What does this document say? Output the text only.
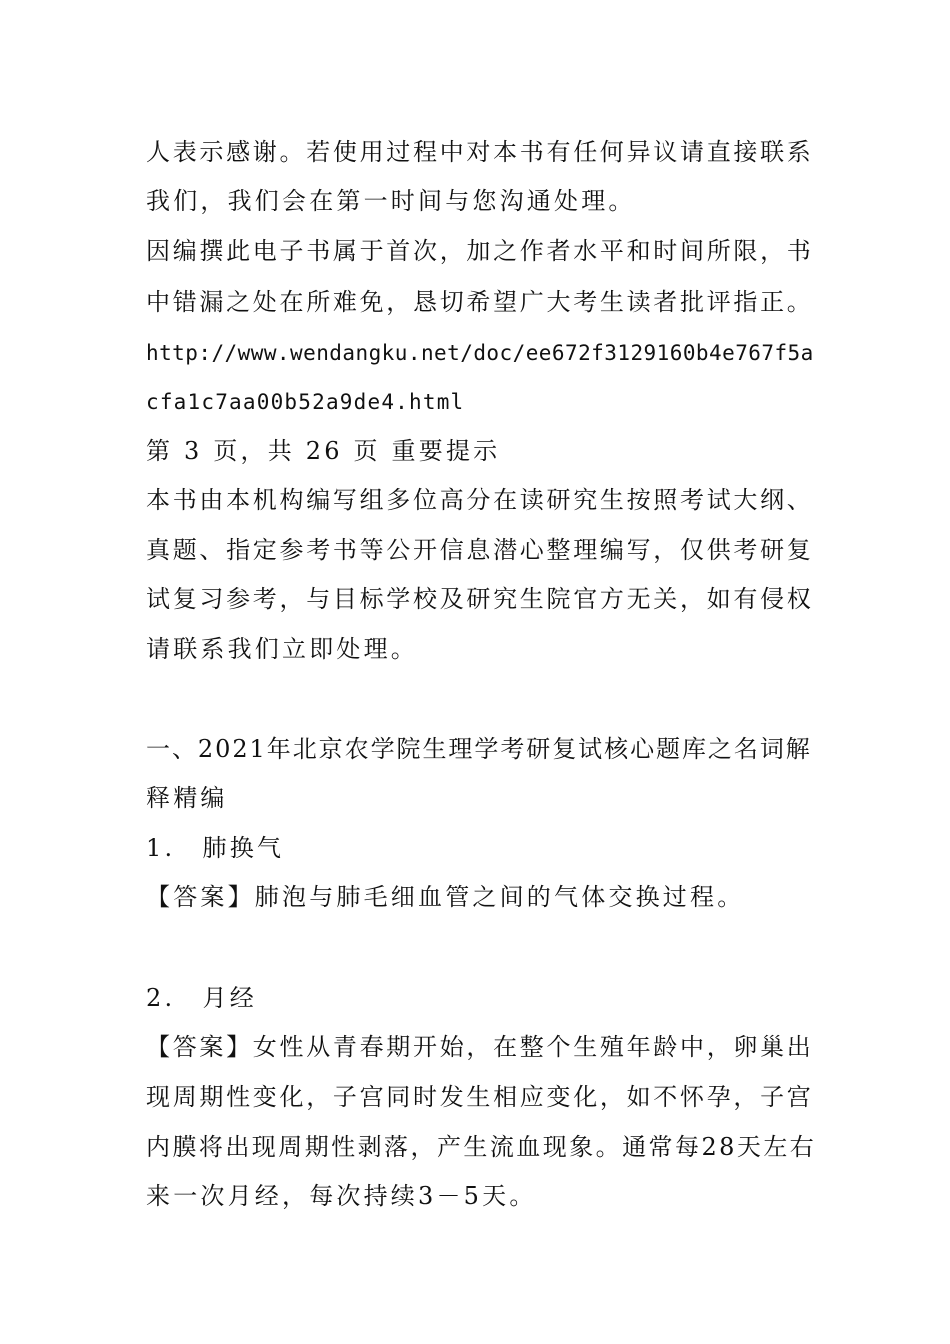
人表示感谢。若使用过程中对本书有任何异议请直接联系
我们，我们会在第一时间与您沟通处理。
因编撰此电子书属于首次，加之作者水平和时间所限，书
中错漏之处在所难免，恳切希望广大考生读者批评指正。
http://www.wendangku.net/doc/ee672f3129160b4e767f5a
cfa1c7aa00b52a9de4.html
第 3 页，共 26 页 重要提示
本书由本机构编写组多位高分在读研究生按照考试大纲、
真题、指定参考书等公开信息潜心整理编写，仅供考研复
试复习参考，与目标学校及研究生院官方无关，如有侵权
请联系我们立即处理。
一、2021年北京农学院生理学考研复试核心题库之名词解
释精编
1.　肺换气
【答案】肺泡与肺毛细血管之间的气体交换过程。
2.　月经
【答案】女性从青春期开始，在整个生殖年龄中，卵巢出
现周期性变化，子宫同时发生相应变化，如不怀孕，子宫
内膜将出现周期性剥落，产生流血现象。通常每28天左右
来一次月经，每次持续3－5天。
